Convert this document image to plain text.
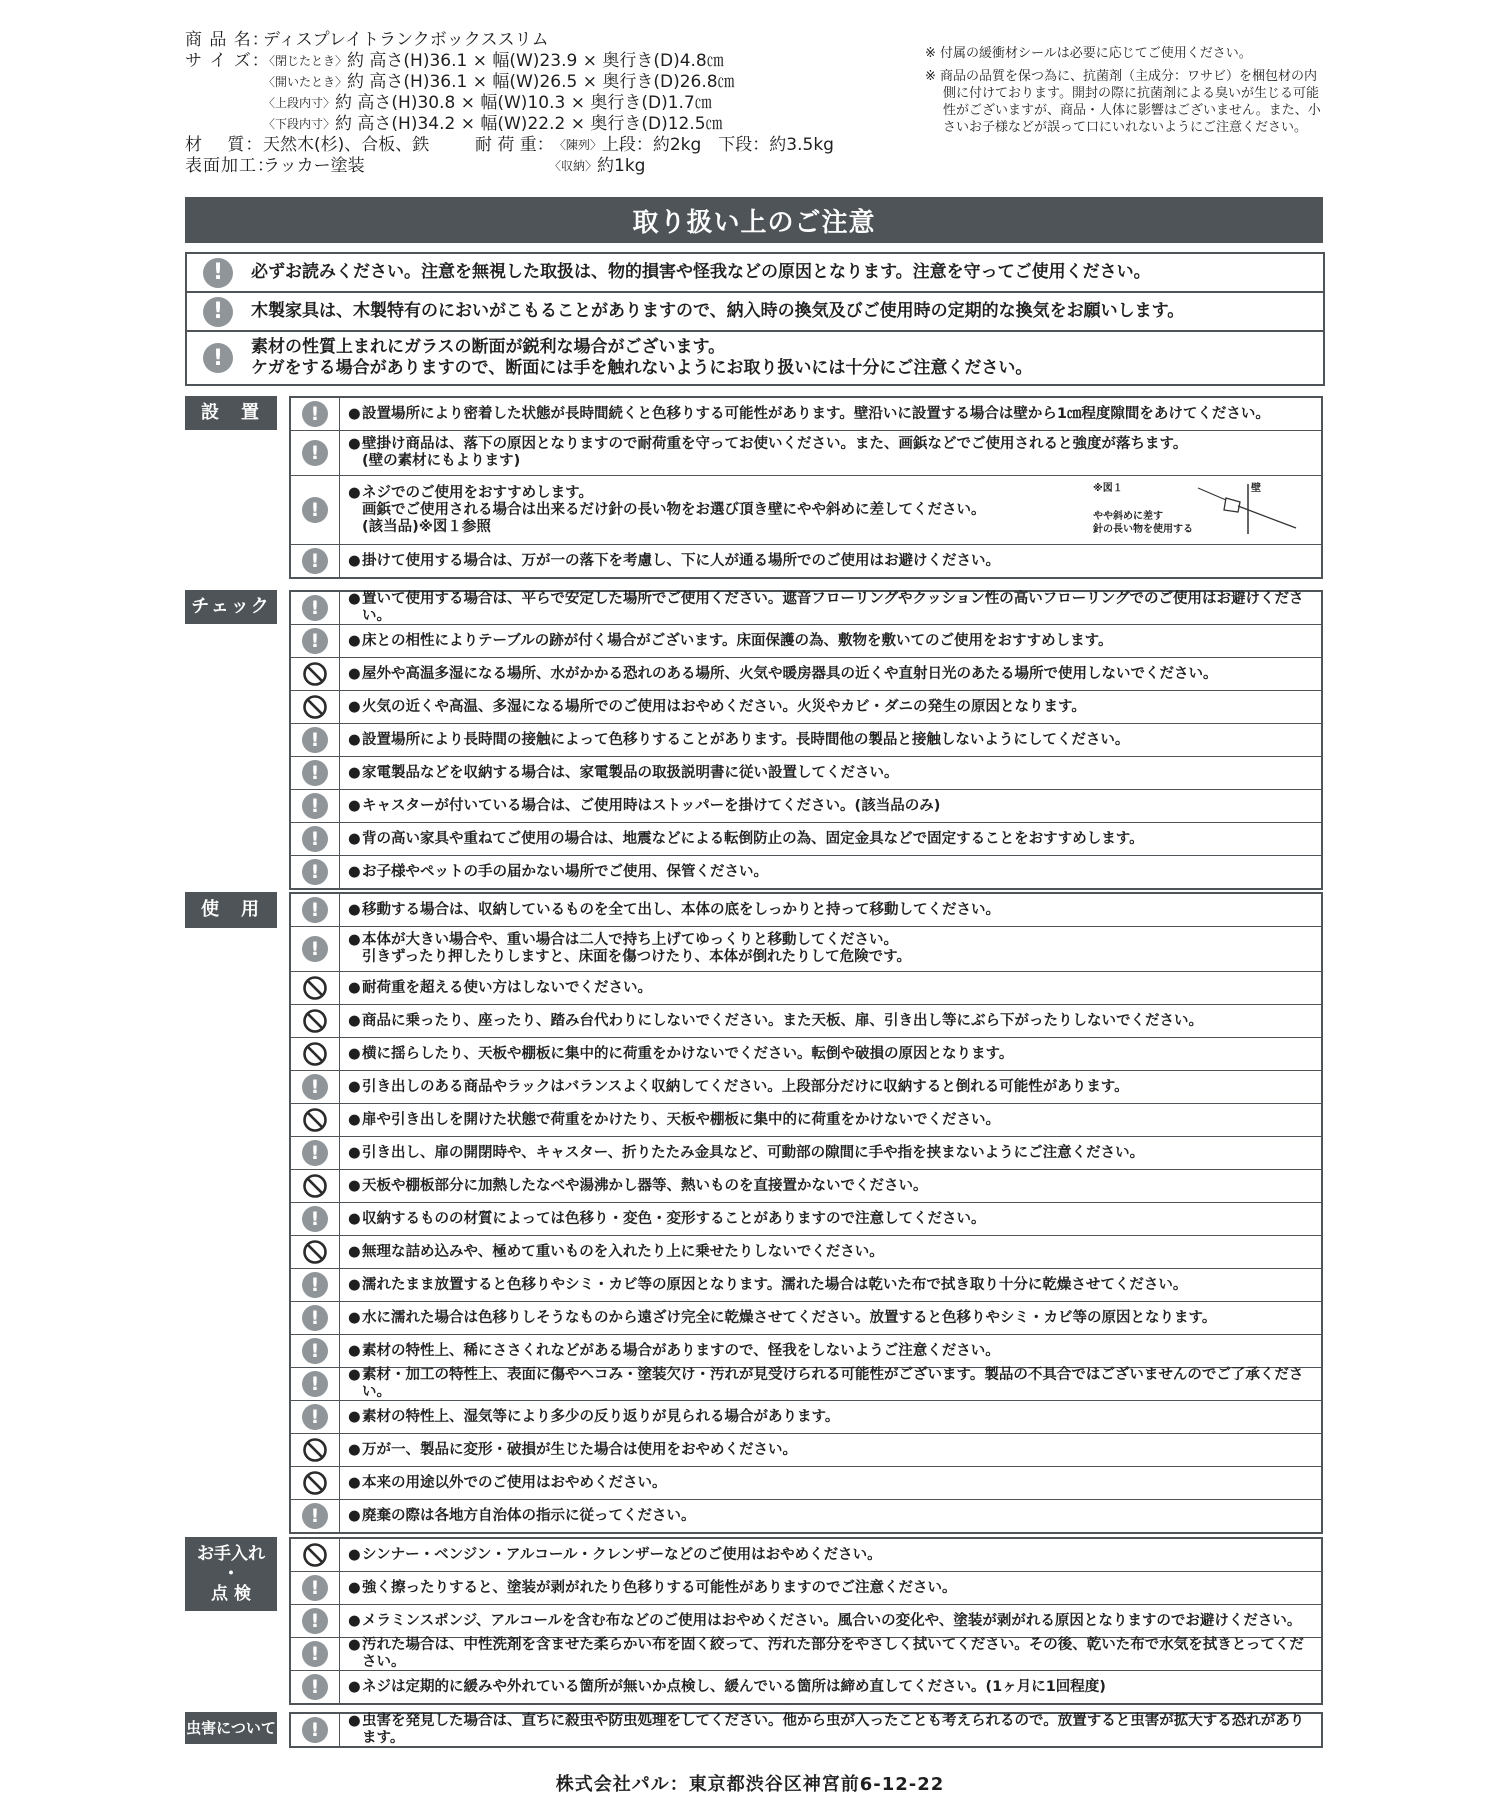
商 品 名：
ディスプレイトランクボックススリム
サ イ ズ：
〈閉じたとき〉 約 高さ(H)36.1 × 幅(W)23.9 × 奥行き(D)4.8㎝
〈開いたとき〉 約 高さ(H)36.1 × 幅(W)26.5 × 奥行き(D)26.8㎝
〈上段内寸〉 約 高さ(H)30.8 × 幅(W)10.3 × 奥行き(D)1.7㎝
〈下段内寸〉 約 高さ(H)34.2 × 幅(W)22.2 × 奥行き(D)12.5㎝
材　 質： 天然木(杉)、合板、鉄
表面加工：
ラッカー塗装
耐 荷 重： 〈陳列〉 上段：約2kg　下段：約3.5kg
〈収納〉 約1kg

※ 付属の緩衝材シールは必要に応じてご使用ください。

※ 商品の品質を保つ為に、抗菌剤（主成分：ワサビ）を梱包材の内側に付けております。開封の際に抗菌剤による臭いが生じる可能性がございますが、商品・人体に影響はございません。また、小さいお子様などが誤って口にいれないようにご注意ください。

取り扱い上のご注意
!	必ずお読みください。注意を無視した取扱は、物的損害や怪我などの原因となります。注意を守ってご使用ください。
!	木製家具は、木製特有のにおいがこもることがありますので、納入時の換気及びご使用時の定期的な換気をお願いします。
!	素材の性質上まれにガラスの断面が鋭利な場合がございます。
ケガをする場合がありますので、断面には手を触れないようにお取り扱いには十分にご注意ください。
設　置	!	● 設置場所により密着した状態が長時間続くと色移りする可能性があります。壁沿いに設置する場合は壁から1㎝程度隙間をあけてください。
!	● 壁掛け商品は、落下の原因となりますので耐荷重を守ってお使いください。また、画鋲などでご使用されると強度が落ちます。
(壁の素材にもよります)
!
● ネジでのご使用をおすすめします。
画鋲でご使用される場合は出来るだけ針の長い物をお選び頂き壁にやや斜めに差してください。
(該当品)※図１参照
※図１	壁
やや斜めに差す
針の長い物を使用する
!	● 掛けて使用する場合は、万が一の落下を考慮し、下に人が通る場所でのご使用はお避けください。
チェック	!	● 置いて使用する場合は、平らで安定した場所でご使用ください。遮音フローリングやクッション性の高いフローリングでのご使用はお避けください。
!	● 床との相性によりテーブルの跡が付く場合がございます。床面保護の為、敷物を敷いてのご使用をおすすめします。
● 屋外や高温多湿になる場所、水がかかる恐れのある場所、火気や暖房器具の近くや直射日光のあたる場所で使用しないでください。
● 火気の近くや高温、多湿になる場所でのご使用はおやめください。火災やカビ・ダニの発生の原因となります。
!	● 設置場所により長時間の接触によって色移りすることがあります。長時間他の製品と接触しないようにしてください。
!	● 家電製品などを収納する場合は、家電製品の取扱説明書に従い設置してください。
!	● キャスターが付いている場合は、ご使用時はストッパーを掛けてください。(該当品のみ)
!	● 背の高い家具や重ねてご使用の場合は、地震などによる転倒防止の為、固定金具などで固定することをおすすめします。
!	● お子様やペットの手の届かない場所でご使用、保管ください。
使　用	!	● 移動する場合は、収納しているものを全て出し、本体の底をしっかりと持って移動してください。
!	● 本体が大きい場合や、重い場合は二人で持ち上げてゆっくりと移動してください。
引きずったり押したりしますと、床面を傷つけたり、本体が倒れたりして危険です。
● 耐荷重を超える使い方はしないでください。
● 商品に乗ったり、座ったり、踏み台代わりにしないでください。また天板、扉、引き出し等にぶら下がったりしないでください。
● 横に揺らしたり、天板や棚板に集中的に荷重をかけないでください。転倒や破損の原因となります。
!	● 引き出しのある商品やラックはバランスよく収納してください。上段部分だけに収納すると倒れる可能性があります。
● 扉や引き出しを開けた状態で荷重をかけたり、天板や棚板に集中的に荷重をかけないでください。
!	● 引き出し、扉の開閉時や、キャスター、折りたたみ金具など、可動部の隙間に手や指を挟まないようにご注意ください。
● 天板や棚板部分に加熱したなべや湯沸かし器等、熱いものを直接置かないでください。
!	● 収納するものの材質によっては色移り・変色・変形することがありますので注意してください。
● 無理な詰め込みや、極めて重いものを入れたり上に乗せたりしないでください。
!	● 濡れたまま放置すると色移りやシミ・カビ等の原因となります。濡れた場合は乾いた布で拭き取り十分に乾燥させてください。
!	● 水に濡れた場合は色移りしそうなものから遠ざけ完全に乾燥させてください。放置すると色移りやシミ・カビ等の原因となります。
!	● 素材の特性上、稀にささくれなどがある場合がありますので、怪我をしないようご注意ください。
!	● 素材・加工の特性上、表面に傷やヘコみ・塗装欠け・汚れが見受けられる可能性がございます。製品の不具合ではございませんのでご了承ください。
!	● 素材の特性上、湿気等により多少の反り返りが見られる場合があります。
● 万が一、製品に変形・破損が生じた場合は使用をおやめください。
● 本来の用途以外でのご使用はおやめください。
!	● 廃棄の際は各地方自治体の指示に従ってください。
お手入れ
・
点 検
● シンナー・ベンジン・アルコール・クレンザーなどのご使用はおやめください。
!	● 強く擦ったりすると、塗装が剥がれたり色移りする可能性がありますのでご注意ください。
!	● メラミンスポンジ、アルコールを含む布などのご使用はおやめください。風合いの変化や、塗装が剥がれる原因となりますのでお避けください。
!	● 汚れた場合は、中性洗剤を含ませた柔らかい布を固く絞って、汚れた部分をやさしく拭いてください。その後、乾いた布で水気を拭きとってください。
!	● ネジは定期的に緩みや外れている箇所が無いか点検し、緩んでいる箇所は締め直してください。(1ヶ月に1回程度)
虫害について	!	● 虫害を発見した場合は、直ちに殺虫や防虫処理をしてください。他から虫が入ったことも考えられるので。放置すると虫害が拡大する恐れがあります。
株式会社パル：東京都渋谷区神宮前6-12-22
